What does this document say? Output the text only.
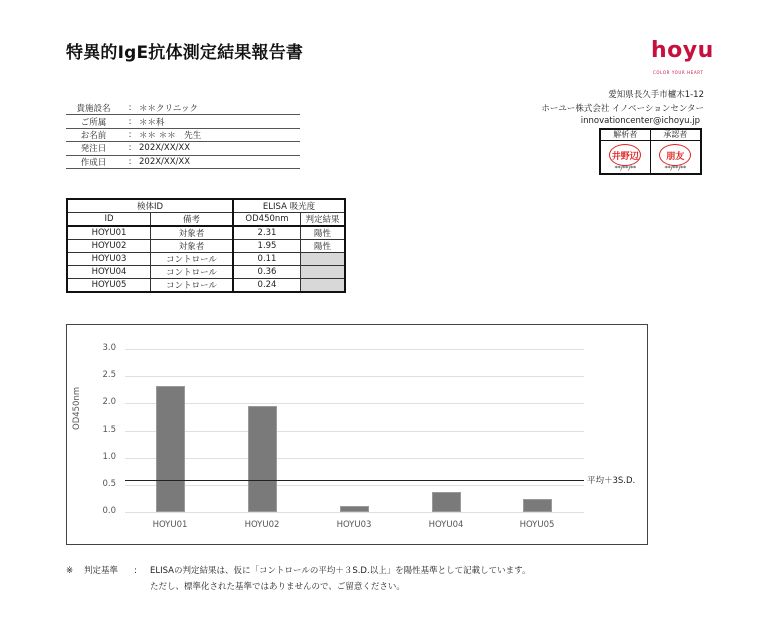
特異的IgE抗体測定結果報告書
貴施設名	: ＊＊クリニック
ご所属	: ＊＊科
お名前	: ＊＊ ＊＊　先生
発注日	: 202X/XX/XX
作成日	: 202X/XX/XX
hoyu
COLOR YOUR HEART
愛知県長久手市櫨木1-12
ホーユー株式会社 イノベーションセンター
innovationcenter@ichoyu.jp
解析者	承認者
井野辺
**/**/**
朋友
**/**/**
検体ID		ELISA 吸光度	
ID	備考	OD450nm	判定結果
HOYU01	対象者	2.31	陽性
HOYU02	対象者	1.95	陽性
HOYU03	コントロール	0.11	
HOYU04	コントロール	0.36	
HOYU05	コントロール	0.24	
3.0
2.5
2.0
1.5
1.0
0.5
0.0
HOYU01	HOYU02	HOYU03	HOYU04	HOYU05
OD450nm
平均＋3S.D.
※	判定基準	:	ELISAの判定結果は、仮に「コントロールの平均＋３S.D.以上」を陽性基準として記載しています。
ただし、標準化された基準ではありませんので、ご留意ください。
